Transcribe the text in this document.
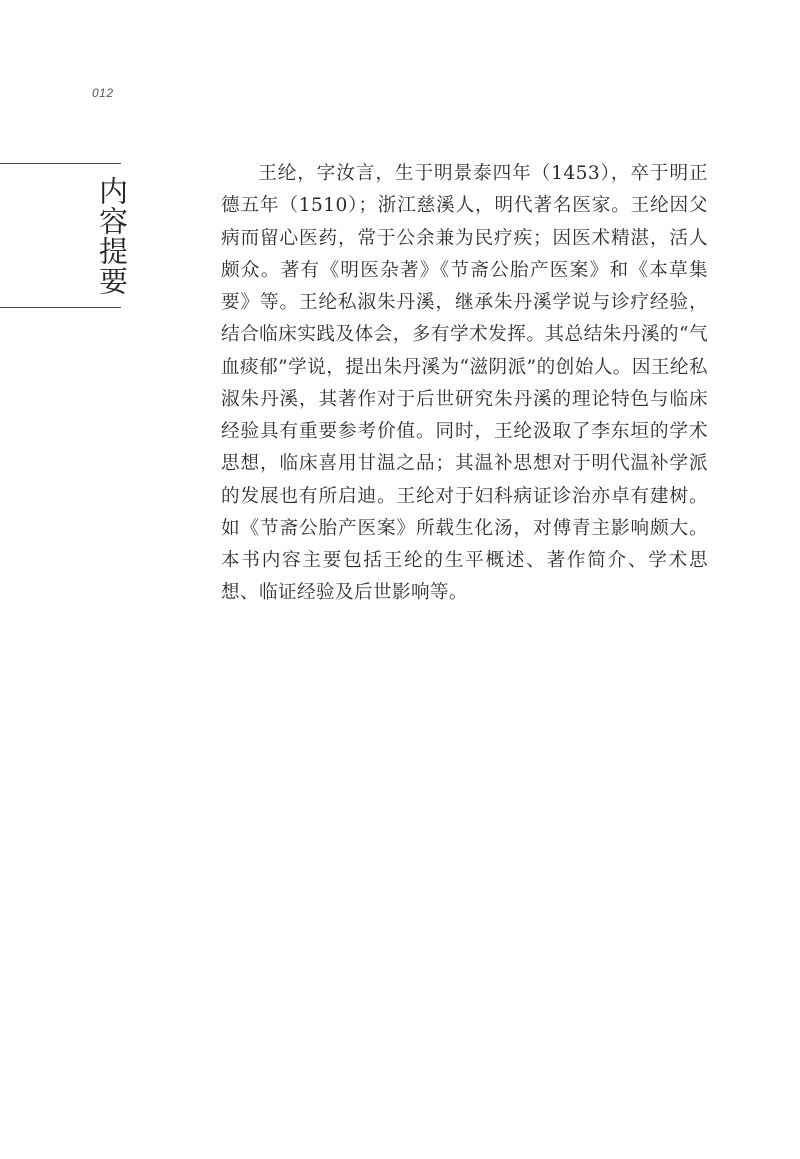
012
内容提要

王纶，字汝言，生于明景泰四年（1453），卒于明正德五年（1510）；浙江慈溪人，明代著名医家。王纶因父病而留心医药，常于公余兼为民疗疾；因医术精湛，活人颇众。著有《明医杂著》《节斋公胎产医案》和《本草集要》等。王纶私淑朱丹溪，继承朱丹溪学说与诊疗经验，结合临床实践及体会，多有学术发挥。其总结朱丹溪的“气血痰郁”学说，提出朱丹溪为“滋阴派”的创始人。因王纶私淑朱丹溪，其著作对于后世研究朱丹溪的理论特色与临床经验具有重要参考价值。同时，王纶汲取了李东垣的学术思想，临床喜用甘温之品；其温补思想对于明代温补学派的发展也有所启迪。王纶对于妇科病证诊治亦卓有建树。如《节斋公胎产医案》所载生化汤，对傅青主影响颇大。本书内容主要包括王纶的生平概述、著作简介、学术思想、临证经验及后世影响等。
